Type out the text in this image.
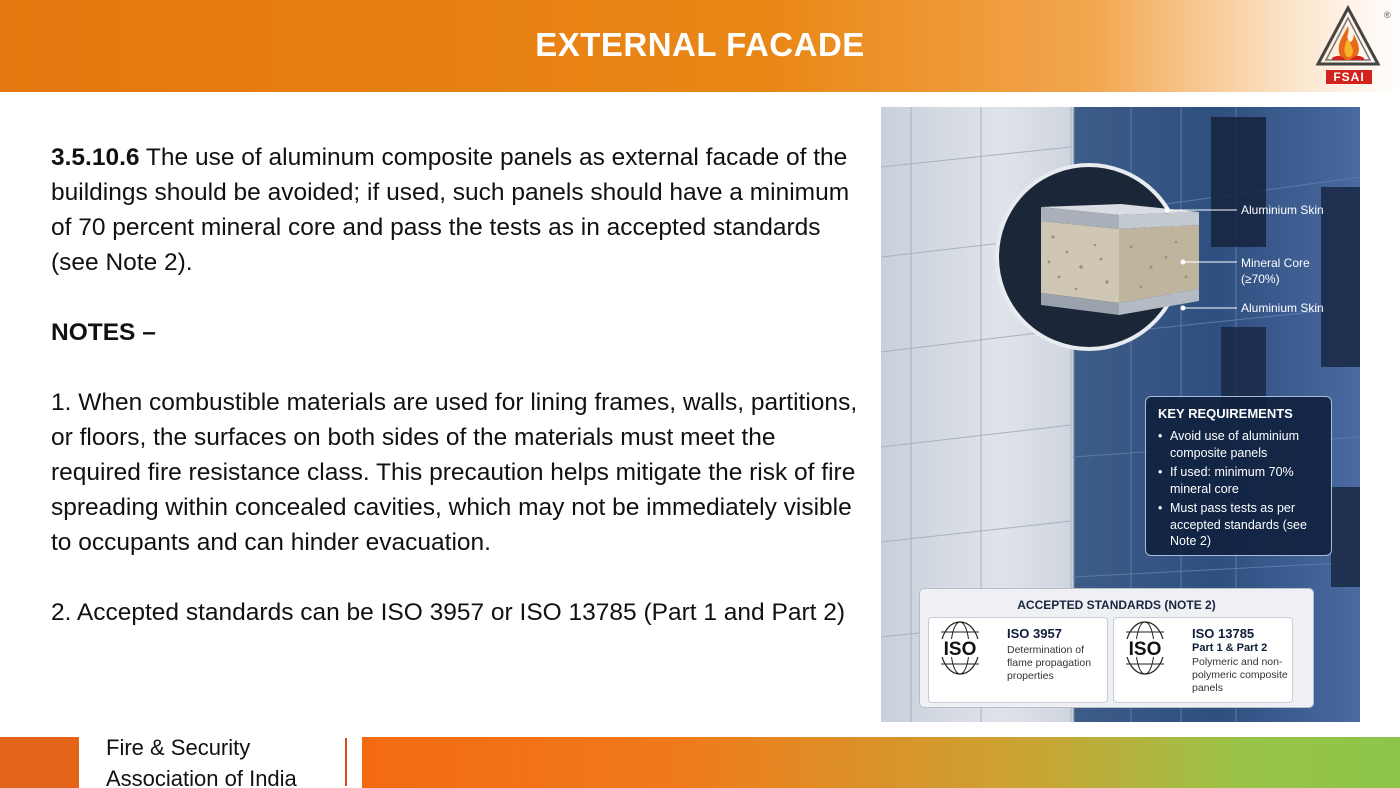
EXTERNAL FACADE
FSAI
®

3.5.10.6 The use of aluminum composite panels as external facade of the buildings should be avoided; if used, such panels should have a minimum of 70 percent mineral core and pass the tests as in accepted standards (see Note 2).

NOTES –

1. When combustible materials are used for lining frames, walls, partitions, or floors, the surfaces on both sides of the materials must meet the required fire resistance class. This precaution helps mitigate the risk of fire spreading within concealed cavities, which may not be immediately visible to occupants and can hinder evacuation.

2. Accepted standards can be ISO 3957 or ISO 13785 (Part 1 and Part 2)

Aluminium Skin
Mineral Core
(≥70%)
Aluminium Skin
KEY REQUIREMENTS
• Avoid use of aluminium composite panels
• If used: minimum 70% mineral core
• Must pass tests as per accepted standards (see Note 2)
ACCEPTED STANDARDS (NOTE 2)
ISO
ISO 3957
Determination of flame propagation properties
ISO
ISO 13785
Part 1 & Part 2
Polymeric and non-polymeric composite panels
Fire & Security
Association of India
